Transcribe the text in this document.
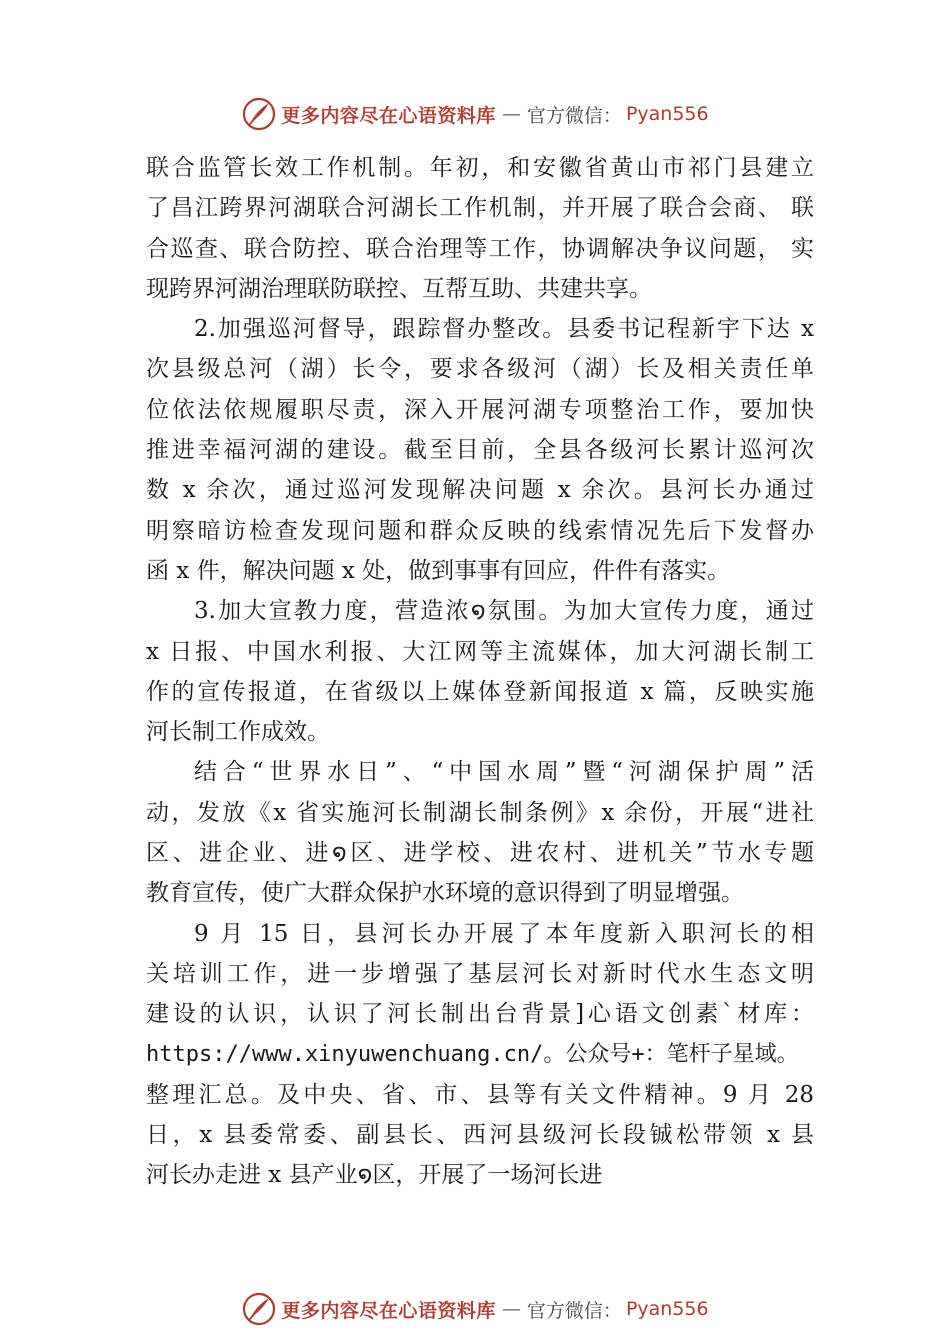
更多内容尽在心语资料库 — 官方微信： Pyan556
联合监管长效工作机制。年初，和安徽省黄山市祁门县建立
了昌江跨界河湖联合河湖长工作机制，并开展了联合会商、 联
合巡查、联合防控、联合治理等工作，协调解决争议问题， 实
现跨界河湖治理联防联控、互帮互助、共建共享。
2.加强巡河督导，跟踪督办整改。县委书记程新宇下达 x
次县级总河（湖）长令，要求各级河（湖）长及相关责任单
位依法依规履职尽责，深入开展河湖专项整治工作，要加快
推进幸福河湖的建设。截至目前，全县各级河长累计巡河次
数 x 余次，通过巡河发现解决问题 x 余次。县河长办通过
明察暗访检查发现问题和群众反映的线索情况先后下发督办
函 x 件，解决问题 x 处，做到事事有回应，件件有落实。
3.加大宣教力度，营造浓໑氛围。为加大宣传力度，通过
x 日报、中国水利报、大江网等主流媒体，加大河湖长制工
作的宣传报道，在省级以上媒体登新闻报道 x 篇，反映实施
河长制工作成效。
结合“世界水日”、“中国水周”暨“河湖保护周”活
动，发放《x 省实施河长制湖长制条例》x 余份，开展“进社
区、进企业、进໑区、进学校、进农村、进机关”节水专题
教育宣传，使广大群众保护水环境的意识得到了明显增强。
9 月 15 日，县河长办开展了本年度新入职河长的相
关培训工作，进一步增强了基层河长对新时代水生态文明
建设的认识，认识了河长制出台背景]心语文创素`材库：
https://www.xinyuwenchuang.cn/。公众号+：笔杆子星域。
整理汇总。及中央、省、市、县等有关文件精神。9 月 28
日，x 县委常委、副县长、西河县级河长段铖松带领 x 县
河长办走进 x 县产业໑区，开展了一场河长进
更多内容尽在心语资料库 — 官方微信： Pyan556
